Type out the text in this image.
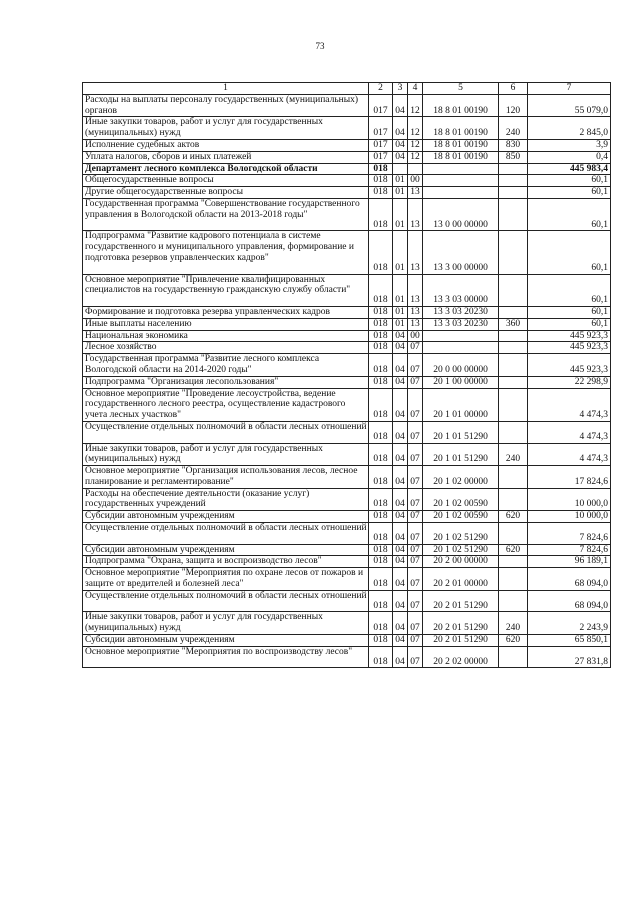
73
1	2	3	4	5	6	7
Расходы на выплаты персоналу государственных (муниципальных) органов	017	04	12	18 8 01 00190	120	55 079,0
Иные закупки товаров, работ и услуг для государственных (муниципальных) нужд	017	04	12	18 8 01 00190	240	2 845,0
Исполнение судебных актов	017	04	12	18 8 01 00190	830	3,9
Уплата налогов, сборов и иных платежей	017	04	12	18 8 01 00190	850	0,4
Департамент лесного комплекса Вологодской области	018					445 983,4
Общегосударственные вопросы	018	01	00			60,1
Другие общегосударственные вопросы	018	01	13			60,1
Государственная программа "Совершенствование государственного управления в Вологодской области на 2013-2018 годы"	018	01	13	13 0 00 00000		60,1
Подпрограмма "Развитие кадрового потенциала в системе государственного и муниципального управления, формирование и подготовка резервов управленческих кадров"	018	01	13	13 3 00 00000		60,1
Основное мероприятие "Привлечение квалифицированных специалистов на государственную гражданскую службу области"	018	01	13	13 3 03 00000		60,1
Формирование и подготовка резерва управленческих кадров	018	01	13	13 3 03 20230		60,1
Иные выплаты населению	018	01	13	13 3 03 20230	360	60,1
Национальная экономика	018	04	00			445 923,3
Лесное хозяйство	018	04	07			445 923,3
Государственная программа "Развитие лесного комплекса Вологодской области на 2014-2020 годы"	018	04	07	20 0 00 00000		445 923,3
Подпрограмма "Организация лесопользования"	018	04	07	20 1 00 00000		22 298,9
Основное мероприятие "Проведение лесоустройства, ведение государственного лесного реестра, осуществление кадастрового учета лесных участков"	018	04	07	20 1 01 00000		4 474,3
Осуществление отдельных полномочий в области лесных отношений	018	04	07	20 1 01 51290		4 474,3
Иные закупки товаров, работ и услуг для государственных (муниципальных) нужд	018	04	07	20 1 01 51290	240	4 474,3
Основное мероприятие "Организация использования лесов, лесное планирование и регламентирование"	018	04	07	20 1 02 00000		17 824,6
Расходы на обеспечение деятельности (оказание услуг) государственных учреждений	018	04	07	20 1 02 00590		10 000,0
Субсидии автономным учреждениям	018	04	07	20 1 02 00590	620	10 000,0
Осуществление отдельных полномочий в области лесных отношений	018	04	07	20 1 02 51290		7 824,6
Субсидии автономным учреждениям	018	04	07	20 1 02 51290	620	7 824,6
Подпрограмма "Охрана, защита и воспроизводство лесов"	018	04	07	20 2 00 00000		96 189,1
Основное мероприятие "Мероприятия по охране лесов от пожаров и защите от вредителей и болезней леса"	018	04	07	20 2 01 00000		68 094,0
Осуществление отдельных полномочий в области лесных отношений	018	04	07	20 2 01 51290		68 094,0
Иные закупки товаров, работ и услуг для государственных (муниципальных) нужд	018	04	07	20 2 01 51290	240	2 243,9
Субсидии автономным учреждениям	018	04	07	20 2 01 51290	620	65 850,1
Основное мероприятие "Мероприятия по воспроизводству лесов"	018	04	07	20 2 02 00000		27 831,8
